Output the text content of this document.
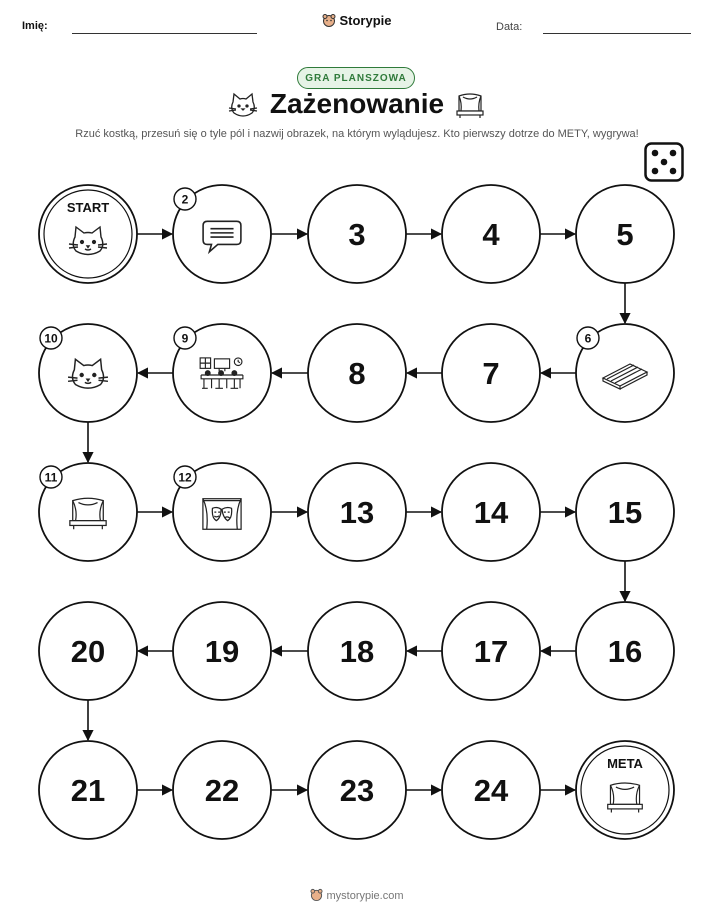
Imię:	Storypie	Data:
GRA PLANSZOWA
Zażenowanie
Rzuć kostką, przesuń się o tyle pól i nazwij obrazek, na którym wylądujesz. Kto pierwszy dotrze do METY, wygrywa!
START
2
3	4	5
6
7
8
9
10
11	12
13	14	15
16
17
18
19
20
21	22	23	24
META
mystorypie.com
